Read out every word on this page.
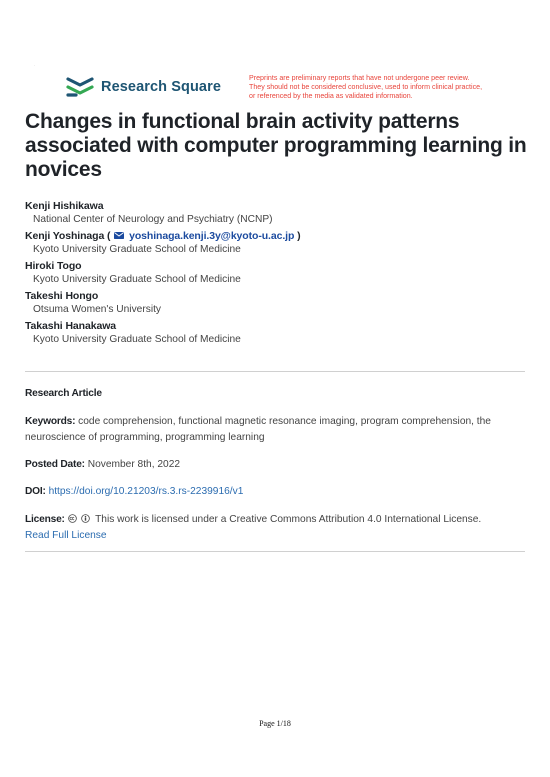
·
Research Square
Preprints are preliminary reports that have not undergone peer review.
They should not be considered conclusive, used to inform clinical practice,
or referenced by the media as validated information.
Changes in functional brain activity patterns associated with computer programming learning in novices
Kenji Hishikawa
National Center of Neurology and Psychiatry (NCNP)
Kenji Yoshinaga ( yoshinaga.kenji.3y@kyoto-u.ac.jp )
Kyoto University Graduate School of Medicine
Hiroki Togo
Kyoto University Graduate School of Medicine
Takeshi Hongo
Otsuma Women's University
Takashi Hanakawa
Kyoto University Graduate School of Medicine
Research Article
Keywords: code comprehension, functional magnetic resonance imaging, program comprehension, the neuroscience of programming, programming learning
Posted Date: November 8th, 2022
DOI: https://doi.org/10.21203/rs.3.rs-2239916/v1
License:	This work is licensed under a Creative Commons Attribution 4.0 International License.
Read Full License
Page 1/18
